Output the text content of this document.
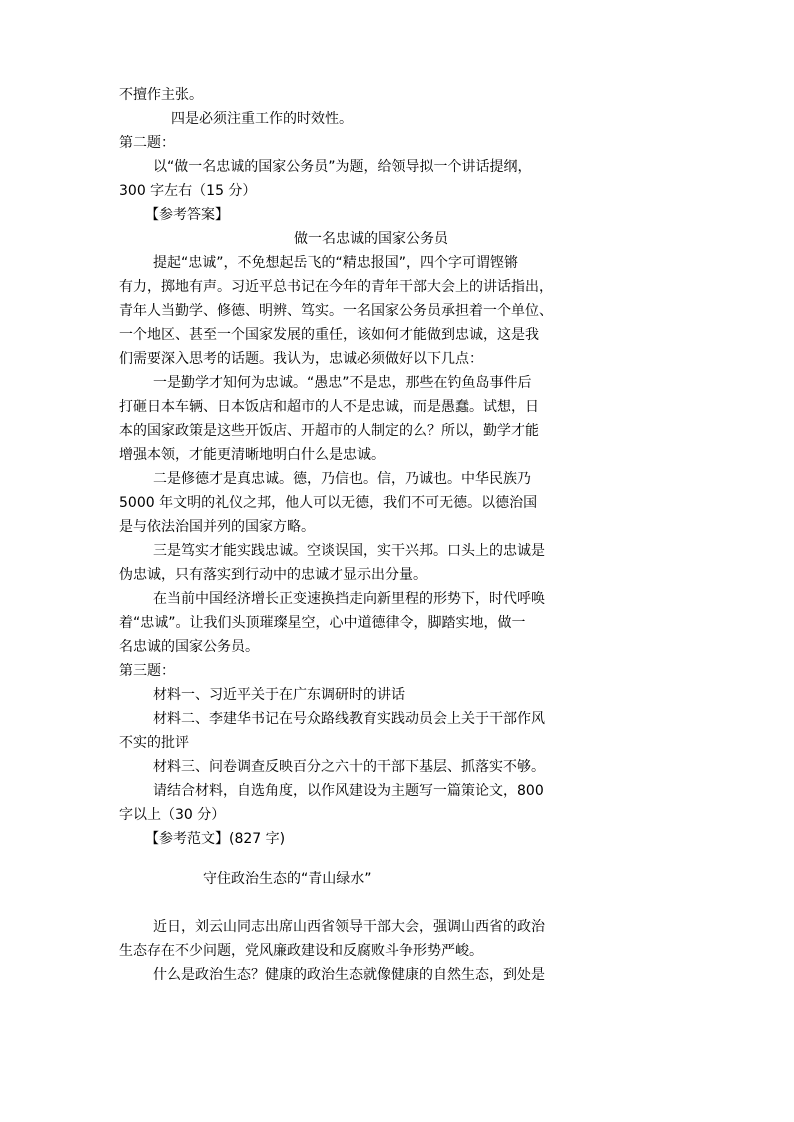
不擅作主张。
四是必须注重工作的时效性。
第二题：
以“做一名忠诚的国家公务员”为题，给领导拟一个讲话提纲，
300 字左右（15 分）
【参考答案】
做一名忠诚的国家公务员
提起“忠诚”，不免想起岳飞的“精忠报国”，四个字可谓铿锵
有力，掷地有声。习近平总书记在今年的青年干部大会上的讲话指出，
青年人当勤学、修德、明辨、笃实。一名国家公务员承担着一个单位、
一个地区、甚至一个国家发展的重任，该如何才能做到忠诚，这是我
们需要深入思考的话题。我认为，忠诚必须做好以下几点：
一是勤学才知何为忠诚。“愚忠”不是忠，那些在钓鱼岛事件后
打砸日本车辆、日本饭店和超市的人不是忠诚，而是愚蠢。试想，日
本的国家政策是这些开饭店、开超市的人制定的么？所以，勤学才能
增强本领，才能更清晰地明白什么是忠诚。
二是修德才是真忠诚。德，乃信也。信，乃诚也。中华民族乃
5000 年文明的礼仪之邦，他人可以无德，我们不可无德。以德治国
是与依法治国并列的国家方略。
三是笃实才能实践忠诚。空谈误国，实干兴邦。口头上的忠诚是
伪忠诚，只有落实到行动中的忠诚才显示出分量。
在当前中国经济增长正变速换挡走向新里程的形势下，时代呼唤
着“忠诚”。让我们头顶璀璨星空，心中道德律令，脚踏实地，做一
名忠诚的国家公务员。
第三题：
材料一、习近平关于在广东调研时的讲话
材料二、李建华书记在号众路线教育实践动员会上关于干部作风
不实的批评
材料三、问卷调查反映百分之六十的干部下基层、抓落实不够。
请结合材料，自选角度，以作风建设为主题写一篇策论文，800
字以上（30 分）
【参考范文】(827 字)
守住政治生态的“青山绿水”
近日，刘云山同志出席山西省领导干部大会，强调山西省的政治
生态存在不少问题，党风廉政建设和反腐败斗争形势严峻。
什么是政治生态？健康的政治生态就像健康的自然生态，到处是
